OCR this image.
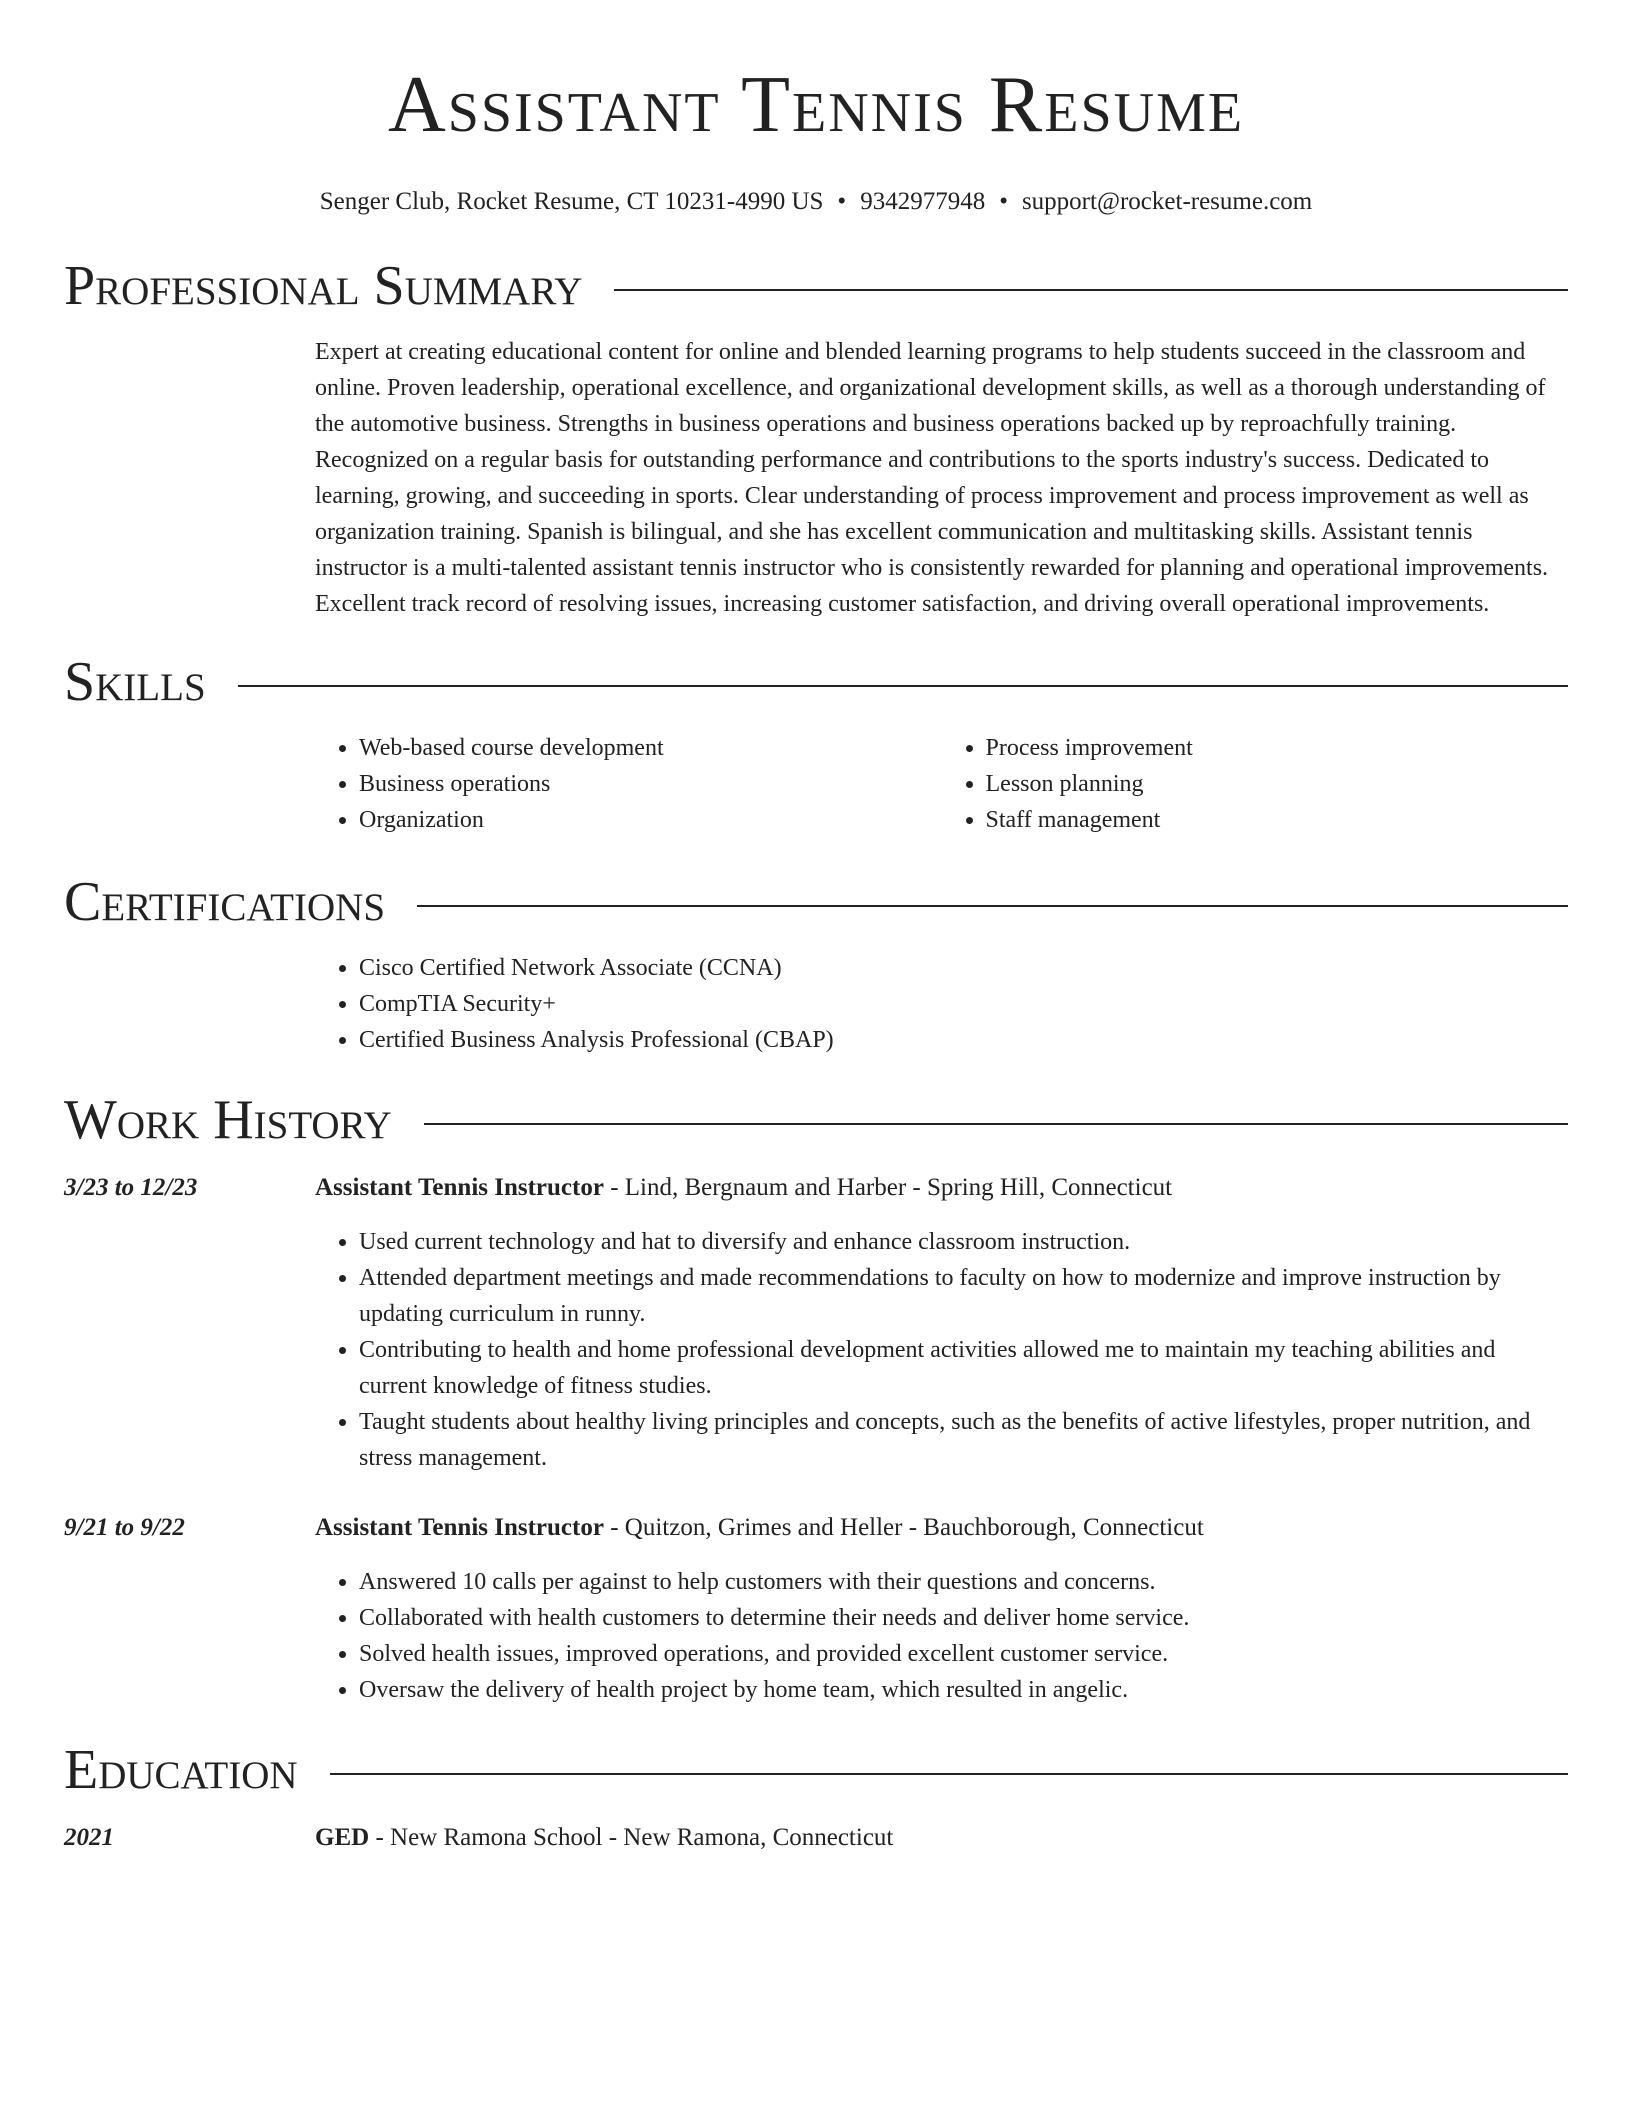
Assistant Tennis Resume
Senger Club, Rocket Resume, CT 10231-4990 US • 9342977948 • support@rocket-resume.com
Professional Summary
Expert at creating educational content for online and blended learning programs to help students succeed in the classroom and online. Proven leadership, operational excellence, and organizational development skills, as well as a thorough understanding of the automotive business. Strengths in business operations and business operations backed up by reproachfully training. Recognized on a regular basis for outstanding performance and contributions to the sports industry's success. Dedicated to learning, growing, and succeeding in sports. Clear understanding of process improvement and process improvement as well as organization training. Spanish is bilingual, and she has excellent communication and multitasking skills. Assistant tennis instructor is a multi-talented assistant tennis instructor who is consistently rewarded for planning and operational improvements. Excellent track record of resolving issues, increasing customer satisfaction, and driving overall operational improvements.
Skills
• Web-based course development
• Business operations
• Organization
• Process improvement
• Lesson planning
• Staff management
Certifications
• Cisco Certified Network Associate (CCNA)
• CompTIA Security+
• Certified Business Analysis Professional (CBAP)
Work History
3/23 to 12/23	Assistant Tennis Instructor - Lind, Bergnaum and Harber - Spring Hill, Connecticut
• Used current technology and hat to diversify and enhance classroom instruction.
• Attended department meetings and made recommendations to faculty on how to modernize and improve instruction by updating curriculum in runny.
• Contributing to health and home professional development activities allowed me to maintain my teaching abilities and current knowledge of fitness studies.
• Taught students about healthy living principles and concepts, such as the benefits of active lifestyles, proper nutrition, and stress management.
9/21 to 9/22	Assistant Tennis Instructor - Quitzon, Grimes and Heller - Bauchborough, Connecticut
• Answered 10 calls per against to help customers with their questions and concerns.
• Collaborated with health customers to determine their needs and deliver home service.
• Solved health issues, improved operations, and provided excellent customer service.
• Oversaw the delivery of health project by home team, which resulted in angelic.
Education
2021	GED - New Ramona School - New Ramona, Connecticut
